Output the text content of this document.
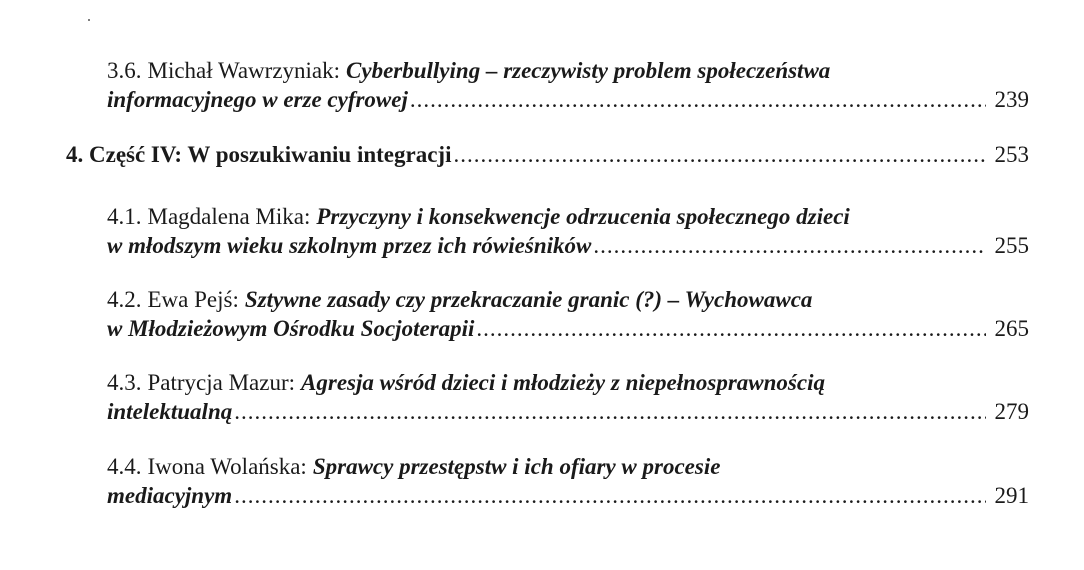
3.6. Michał Wawrzyniak: Cyberbullying – rzeczywisty problem społeczeństwa
informacyjnego w erze cyfrowej .....	239
4. Część IV: W poszukiwaniu integracji .....	253
4.1. Magdalena Mika: Przyczyny i konsekwencje odrzucenia społecznego dzieci
w młodszym wieku szkolnym przez ich rówieśników .....	255
4.2. Ewa Pejś: Sztywne zasady czy przekraczanie granic (?) – Wychowawca
w Młodzieżowym Ośrodku Socjoterapii .....	265
4.3. Patrycja Mazur: Agresja wśród dzieci i młodzieży z niepełnosprawnością
intelektualną .....	279
4.4. Iwona Wolańska: Sprawcy przestępstw i ich ofiary w procesie
mediacyjnym .....	291
